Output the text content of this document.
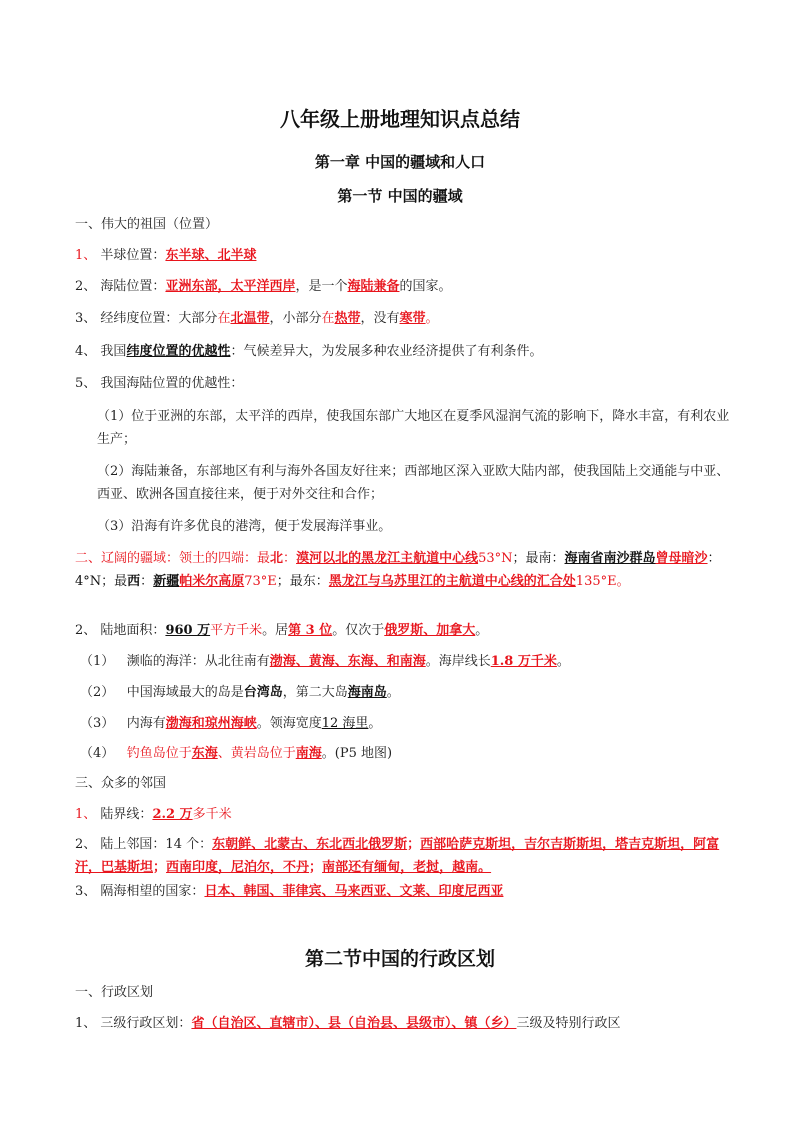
八年级上册地理知识点总结
第一章 中国的疆域和人口
第一节 中国的疆域
一、伟大的祖国（位置）
1、 半球位置：东半球、北半球
2、 海陆位置：亚洲东部，太平洋西岸，是一个海陆兼备的国家。
3、 经纬度位置：大部分在北温带，小部分在热带，没有寒带。
4、 我国纬度位置的优越性：气候差异大，为发展多种农业经济提供了有利条件。
5、 我国海陆位置的优越性：
（1）位于亚洲的东部，太平洋的西岸，使我国东部广大地区在夏季风湿润气流的影响下，降水丰富，有利农业生产；
（2）海陆兼备，东部地区有利与海外各国友好往来；西部地区深入亚欧大陆内部，使我国陆上交通能与中亚、西亚、欧洲各国直接往来，便于对外交往和合作；
（3）沿海有许多优良的港湾，便于发展海洋事业。
二、辽阔的疆域：领土的四端：最北：漠河以北的黑龙江主航道中心线53°N；最南：海南省南沙群岛曾母暗沙：4°N；最西：新疆帕米尔高原73°E；最东：黑龙江与乌苏里江的主航道中心线的汇合处135°E。
2、 陆地面积：960 万平方千米。居第 3 位。仅次于俄罗斯、加拿大。
（1） 濒临的海洋：从北往南有渤海、黄海、东海、和南海。海岸线长1.8 万千米。
（2） 中国海域最大的岛是台湾岛，第二大岛海南岛。
（3） 内海有渤海和琼州海峡。领海宽度12 海里。
（4） 钓鱼岛位于东海、黄岩岛位于南海。(P5 地图)
三、众多的邻国
1、 陆界线：2.2 万多千米
2、 陆上邻国：14 个：东朝鲜、北蒙古、东北西北俄罗斯；西部哈萨克斯坦，吉尔吉斯斯坦，塔吉克斯坦，阿富汗，巴基斯坦；西南印度，尼泊尔，不丹；南部还有缅甸，老挝，越南。
3、 隔海相望的国家：日本、韩国、菲律宾、马来西亚、文莱、印度尼西亚
第二节中国的行政区划
一、行政区划
1、 三级行政区划：省（自治区、直辖市）、县（自治县、县级市）、镇（乡）三级及特别行政区
